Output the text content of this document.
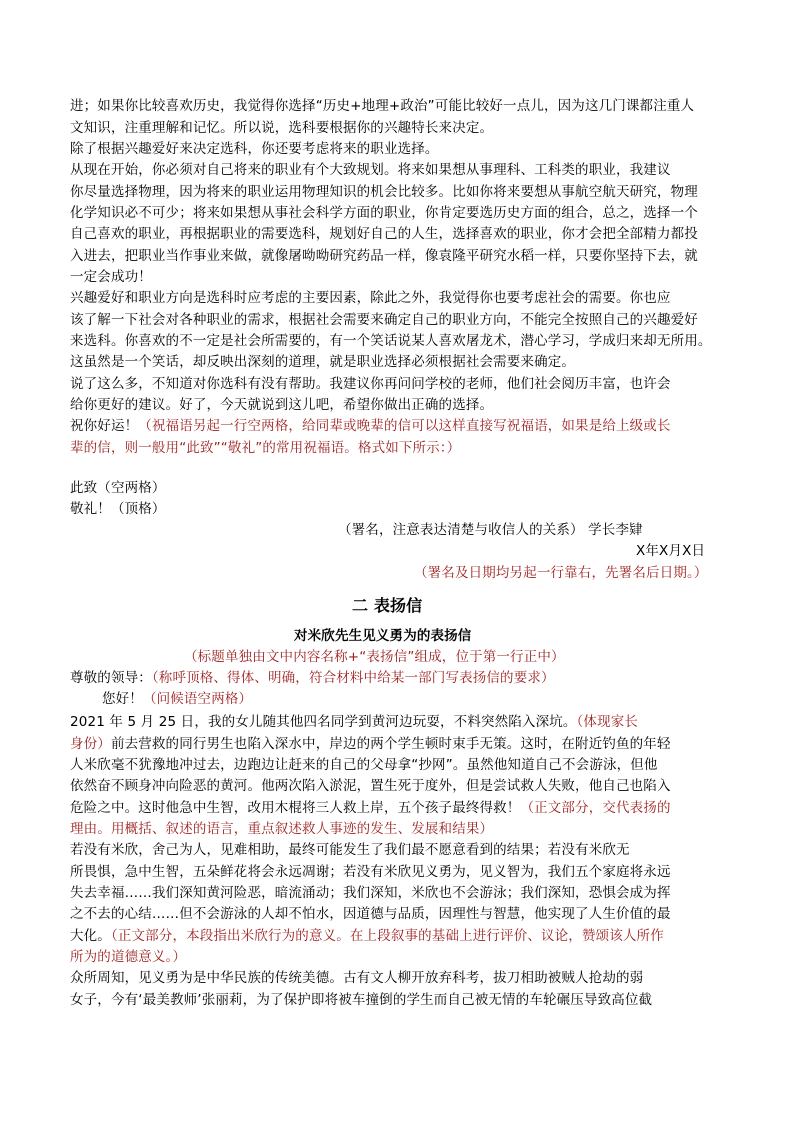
进；如果你比较喜欢历史，我觉得你选择“历史+地理+政治”可能比较好一点儿，因为这几门课都注重人
文知识，注重理解和记忆。所以说，选科要根据你的兴趣特长来决定。
除了根据兴趣爱好来决定选科，你还要考虑将来的职业选择。
从现在开始，你必须对自己将来的职业有个大致规划。将来如果想从事理科、工科类的职业，我建议
你尽量选择物理，因为将来的职业运用物理知识的机会比较多。比如你将来要想从事航空航天研究，物理
化学知识必不可少；将来如果想从事社会科学方面的职业，你肯定要选历史方面的组合，总之，选择一个
自己喜欢的职业，再根据职业的需要选科，规划好自己的人生，选择喜欢的职业，你才会把全部精力都投
入进去，把职业当作事业来做，就像屠呦呦研究药品一样，像袁隆平研究水稻一样，只要你坚持下去，就
一定会成功！
兴趣爱好和职业方向是选科时应考虑的主要因素，除此之外，我觉得你也要考虑社会的需要。你也应
该了解一下社会对各种职业的需求，根据社会需要来确定自己的职业方向，不能完全按照自己的兴趣爱好
来选科。你喜欢的不一定是社会所需要的，有一个笑话说某人喜欢屠龙术，潜心学习，学成归来却无所用。
这虽然是一个笑话，却反映出深刻的道理，就是职业选择必须根据社会需要来确定。
说了这么多，不知道对你选科有没有帮助。我建议你再问问学校的老师，他们社会阅历丰富，也许会
给你更好的建议。好了，今天就说到这儿吧，希望你做出正确的选择。
祝你好运！（祝福语另起一行空两格，给同辈或晚辈的信可以这样直接写祝福语，如果是给上级或长
辈的信，则一般用“此致”“敬礼”的常用祝福语。格式如下所示：）
此致（空两格）
敬礼！（顶格）
（署名，注意表达清楚与收信人的关系） 学长李肄
X年X月X日
（署名及日期均另起一行靠右，先署名后日期。）
二 表扬信
对米欣先生见义勇为的表扬信
（标题单独由文中内容名称+“表扬信”组成，位于第一行正中）
尊敬的领导：（称呼顶格、得体、明确，符合材料中给某一部门写表扬信的要求）
您好！（问候语空两格）
2021 年 5 月 25 日，我的女儿随其他四名同学到黄河边玩耍，不料突然陷入深坑。（体现家长
身份）前去营救的同行男生也陷入深水中，岸边的两个学生顿时束手无策。这时，在附近钓鱼的年轻
人米欣毫不犹豫地冲过去，边跑边让赶来的自己的父母拿“抄网”。虽然他知道自己不会游泳，但他
依然奋不顾身冲向险恶的黄河。他两次陷入淤泥，置生死于度外，但是尝试救人失败，他自己也陷入
危险之中。这时他急中生智，改用木棍将三人救上岸，五个孩子最终得救！（正文部分，交代表扬的
理由。用概括、叙述的语言，重点叙述救人事迹的发生、发展和结果）
若没有米欣，舍己为人，见难相助，最终可能发生了我们最不愿意看到的结果；若没有米欣无
所畏惧，急中生智，五朵鲜花将会永远凋谢；若没有米欣见义勇为，见义智为，我们五个家庭将永远
失去幸福……我们深知黄河险恶，暗流涌动；我们深知，米欣也不会游泳；我们深知，恐惧会成为挥
之不去的心结……但不会游泳的人却不怕水，因道德与品质，因理性与智慧，他实现了人生价值的最
大化。（正文部分，本段指出米欣行为的意义。在上段叙事的基础上进行评价、议论，赞颂该人所作
所为的道德意义。）
众所周知，见义勇为是中华民族的传统美德。古有文人柳开放弃科考，拔刀相助被贼人抢劫的弱
女子，今有‘最美教师’张丽莉，为了保护即将被车撞倒的学生而自己被无情的车轮碾压导致高位截
